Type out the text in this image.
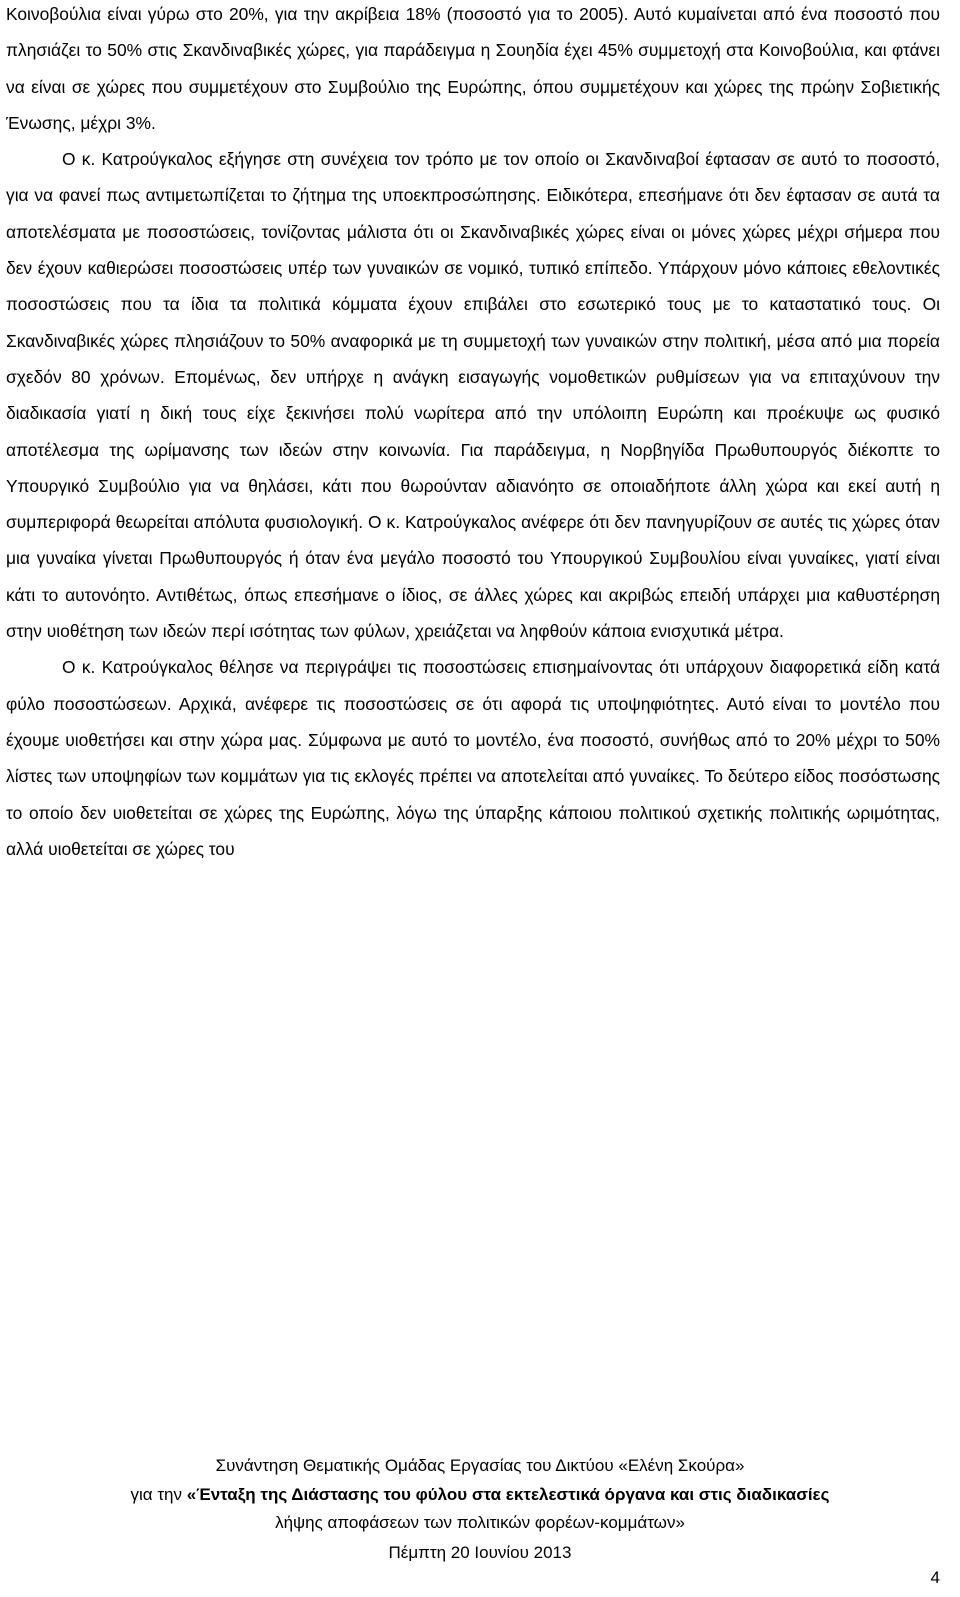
Κοινοβούλια είναι γύρω στο 20%, για την ακρίβεια 18% (ποσοστό για το 2005). Αυτό κυμαίνεται από ένα ποσοστό που πλησιάζει το 50% στις Σκανδιναβικές χώρες, για παράδειγμα η Σουηδία έχει 45% συμμετοχή στα Κοινοβούλια, και φτάνει να είναι σε χώρες που συμμετέχουν στο Συμβούλιο της Ευρώπης, όπου συμμετέχουν και χώρες της πρώην Σοβιετικής Ένωσης, μέχρι 3%.

Ο κ. Κατρούγκαλος εξήγησε στη συνέχεια τον τρόπο με τον οποίο οι Σκανδιναβοί έφτασαν σε αυτό το ποσοστό, για να φανεί πως αντιμετωπίζεται το ζήτημα της υποεκπροσώπησης. Ειδικότερα, επεσήμανε ότι δεν έφτασαν σε αυτά τα αποτελέσματα με ποσοστώσεις, τονίζοντας μάλιστα ότι οι Σκανδιναβικές χώρες είναι οι μόνες χώρες μέχρι σήμερα που δεν έχουν καθιερώσει ποσοστώσεις υπέρ των γυναικών σε νομικό, τυπικό επίπεδο. Υπάρχουν μόνο κάποιες εθελοντικές ποσοστώσεις που τα ίδια τα πολιτικά κόμματα έχουν επιβάλει στο εσωτερικό τους με το καταστατικό τους. Οι Σκανδιναβικές χώρες πλησιάζουν το 50% αναφορικά με τη συμμετοχή των γυναικών στην πολιτική, μέσα από μια πορεία σχεδόν 80 χρόνων. Επομένως, δεν υπήρχε η ανάγκη εισαγωγής νομοθετικών ρυθμίσεων για να επιταχύνουν την διαδικασία γιατί η δική τους είχε ξεκινήσει πολύ νωρίτερα από την υπόλοιπη Ευρώπη και προέκυψε ως φυσικό αποτέλεσμα της ωρίμανσης των ιδεών στην κοινωνία. Για παράδειγμα, η Νορβηγίδα Πρωθυπουργός διέκοπτε το Υπουργικό Συμβούλιο για να θηλάσει, κάτι που θωρούνταν αδιανόητο σε οποιαδήποτε άλλη χώρα και εκεί αυτή η συμπεριφορά θεωρείται απόλυτα φυσιολογική. Ο κ. Κατρούγκαλος ανέφερε ότι δεν πανηγυρίζουν σε αυτές τις χώρες όταν μια γυναίκα γίνεται Πρωθυπουργός ή όταν ένα μεγάλο ποσοστό του Υπουργικού Συμβουλίου είναι γυναίκες, γιατί είναι κάτι το αυτονόητο. Αντιθέτως, όπως επεσήμανε ο ίδιος, σε άλλες χώρες και ακριβώς επειδή υπάρχει μια καθυστέρηση στην υιοθέτηση των ιδεών περί ισότητας των φύλων, χρειάζεται να ληφθούν κάποια ενισχυτικά μέτρα.

Ο κ. Κατρούγκαλος θέλησε να περιγράψει τις ποσοστώσεις επισημαίνοντας ότι υπάρχουν διαφορετικά είδη κατά φύλο ποσοστώσεων. Αρχικά, ανέφερε τις ποσοστώσεις σε ότι αφορά τις υποψηφιότητες. Αυτό είναι το μοντέλο που έχουμε υιοθετήσει και στην χώρα μας. Σύμφωνα με αυτό το μοντέλο, ένα ποσοστό, συνήθως από το 20% μέχρι το 50% λίστες των υποψηφίων των κομμάτων για τις εκλογές πρέπει να αποτελείται από γυναίκες. Το δεύτερο είδος ποσόστωσης το οποίο δεν υιοθετείται σε χώρες της Ευρώπης, λόγω της ύπαρξης κάποιου πολιτικού σχετικής πολιτικής ωριμότητας, αλλά υιοθετείται σε χώρες του

Συνάντηση Θεματικής Ομάδας Εργασίας του Δικτύου «Ελένη Σκούρα»
για την «Ένταξη της Διάστασης του φύλου στα εκτελεστικά όργανα και στις διαδικασίες
λήψης αποφάσεων των πολιτικών φορέων-κομμάτων»
Πέμπτη 20 Ιουνίου 2013
4
